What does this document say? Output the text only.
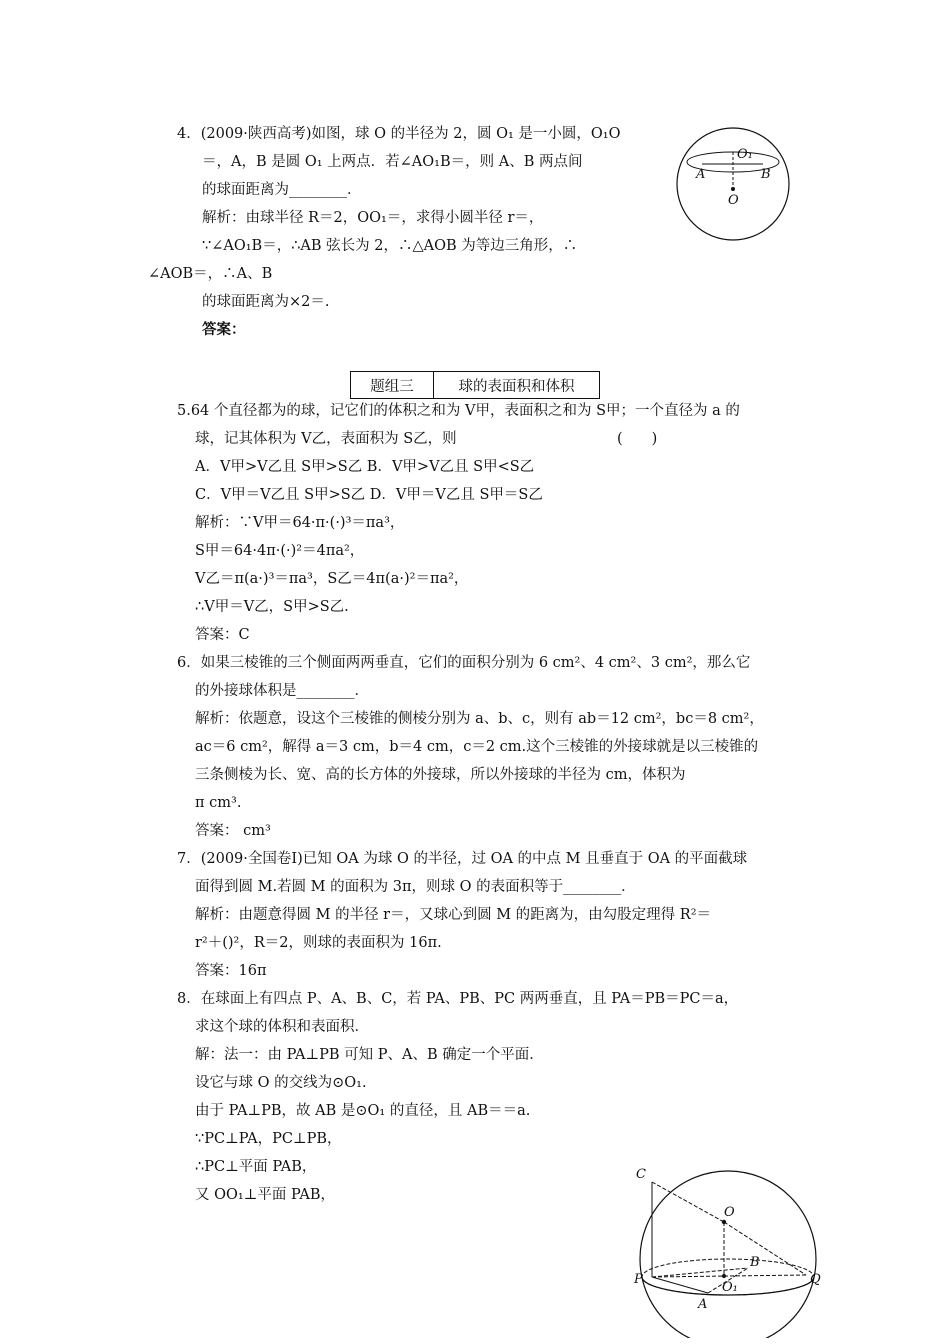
4．(2009·陕西高考)如图，球 O 的半径为 2，圆 O₁ 是一小圆，O₁O
＝，A，B 是圆 O₁ 上两点．若∠AO₁B＝，则 A、B 两点间
的球面距离为________．
解析：由球半径 R＝2，OO₁＝，求得小圆半径 r＝，
∵∠AO₁B＝，∴AB 弦长为 2，∴△AOB 为等边三角形，∴
∠AOB＝，∴A、B
的球面距离为×2＝.
答案：
O₁
A	B
O
题组三	球的表面积和体积
5.64 个直径都为的球，记它们的体积之和为 V甲，表面积之和为 S甲；一个直径为 a 的
球，记其体积为 V乙，表面积为 S乙，则	(　　)
A．V甲>V乙且 S甲>S乙 B．V甲>V乙且 S甲<S乙
C．V甲＝V乙且 S甲>S乙 D．V甲＝V乙且 S甲＝S乙
解析：∵V甲＝64·π·(·)³＝πa³，
S甲＝64·4π·(·)²＝4πa²，
V乙＝π(a·)³＝πa³，S乙＝4π(a·)²＝πa²，
∴V甲＝V乙，S甲>S乙.
答案：C
6．如果三棱锥的三个侧面两两垂直，它们的面积分别为 6 cm²、4 cm²、3 cm²，那么它
的外接球体积是________．
解析：依题意，设这个三棱锥的侧棱分别为 a、b、c，则有 ab＝12 cm²，bc＝8 cm²，
ac＝6 cm²，解得 a＝3 cm，b＝4 cm，c＝2 cm.这个三棱锥的外接球就是以三棱锥的
三条侧棱为长、宽、高的长方体的外接球，所以外接球的半径为 cm，体积为
π cm³.
答案： cm³
7．(2009·全国卷Ⅰ)已知 OA 为球 O 的半径，过 OA 的中点 M 且垂直于 OA 的平面截球
面得到圆 M.若圆 M 的面积为 3π，则球 O 的表面积等于________．
解析：由题意得圆 M 的半径 r＝，又球心到圆 M 的距离为，由勾股定理得 R²＝
r²＋()²，R＝2，则球的表面积为 16π.
答案：16π
8．在球面上有四点 P、A、B、C，若 PA、PB、PC 两两垂直，且 PA＝PB＝PC＝a，
求这个球的体积和表面积．
解：法一：由 PA⊥PB 可知 P、A、B 确定一个平面．
设它与球 O 的交线为⊙O₁.
由于 PA⊥PB，故 AB 是⊙O₁ 的直径，且 AB＝＝a.
∵PC⊥PA，PC⊥PB，
∴PC⊥平面 PAB，
又 OO₁⊥平面 PAB，
C
O
B
P
O₁
Q
A
